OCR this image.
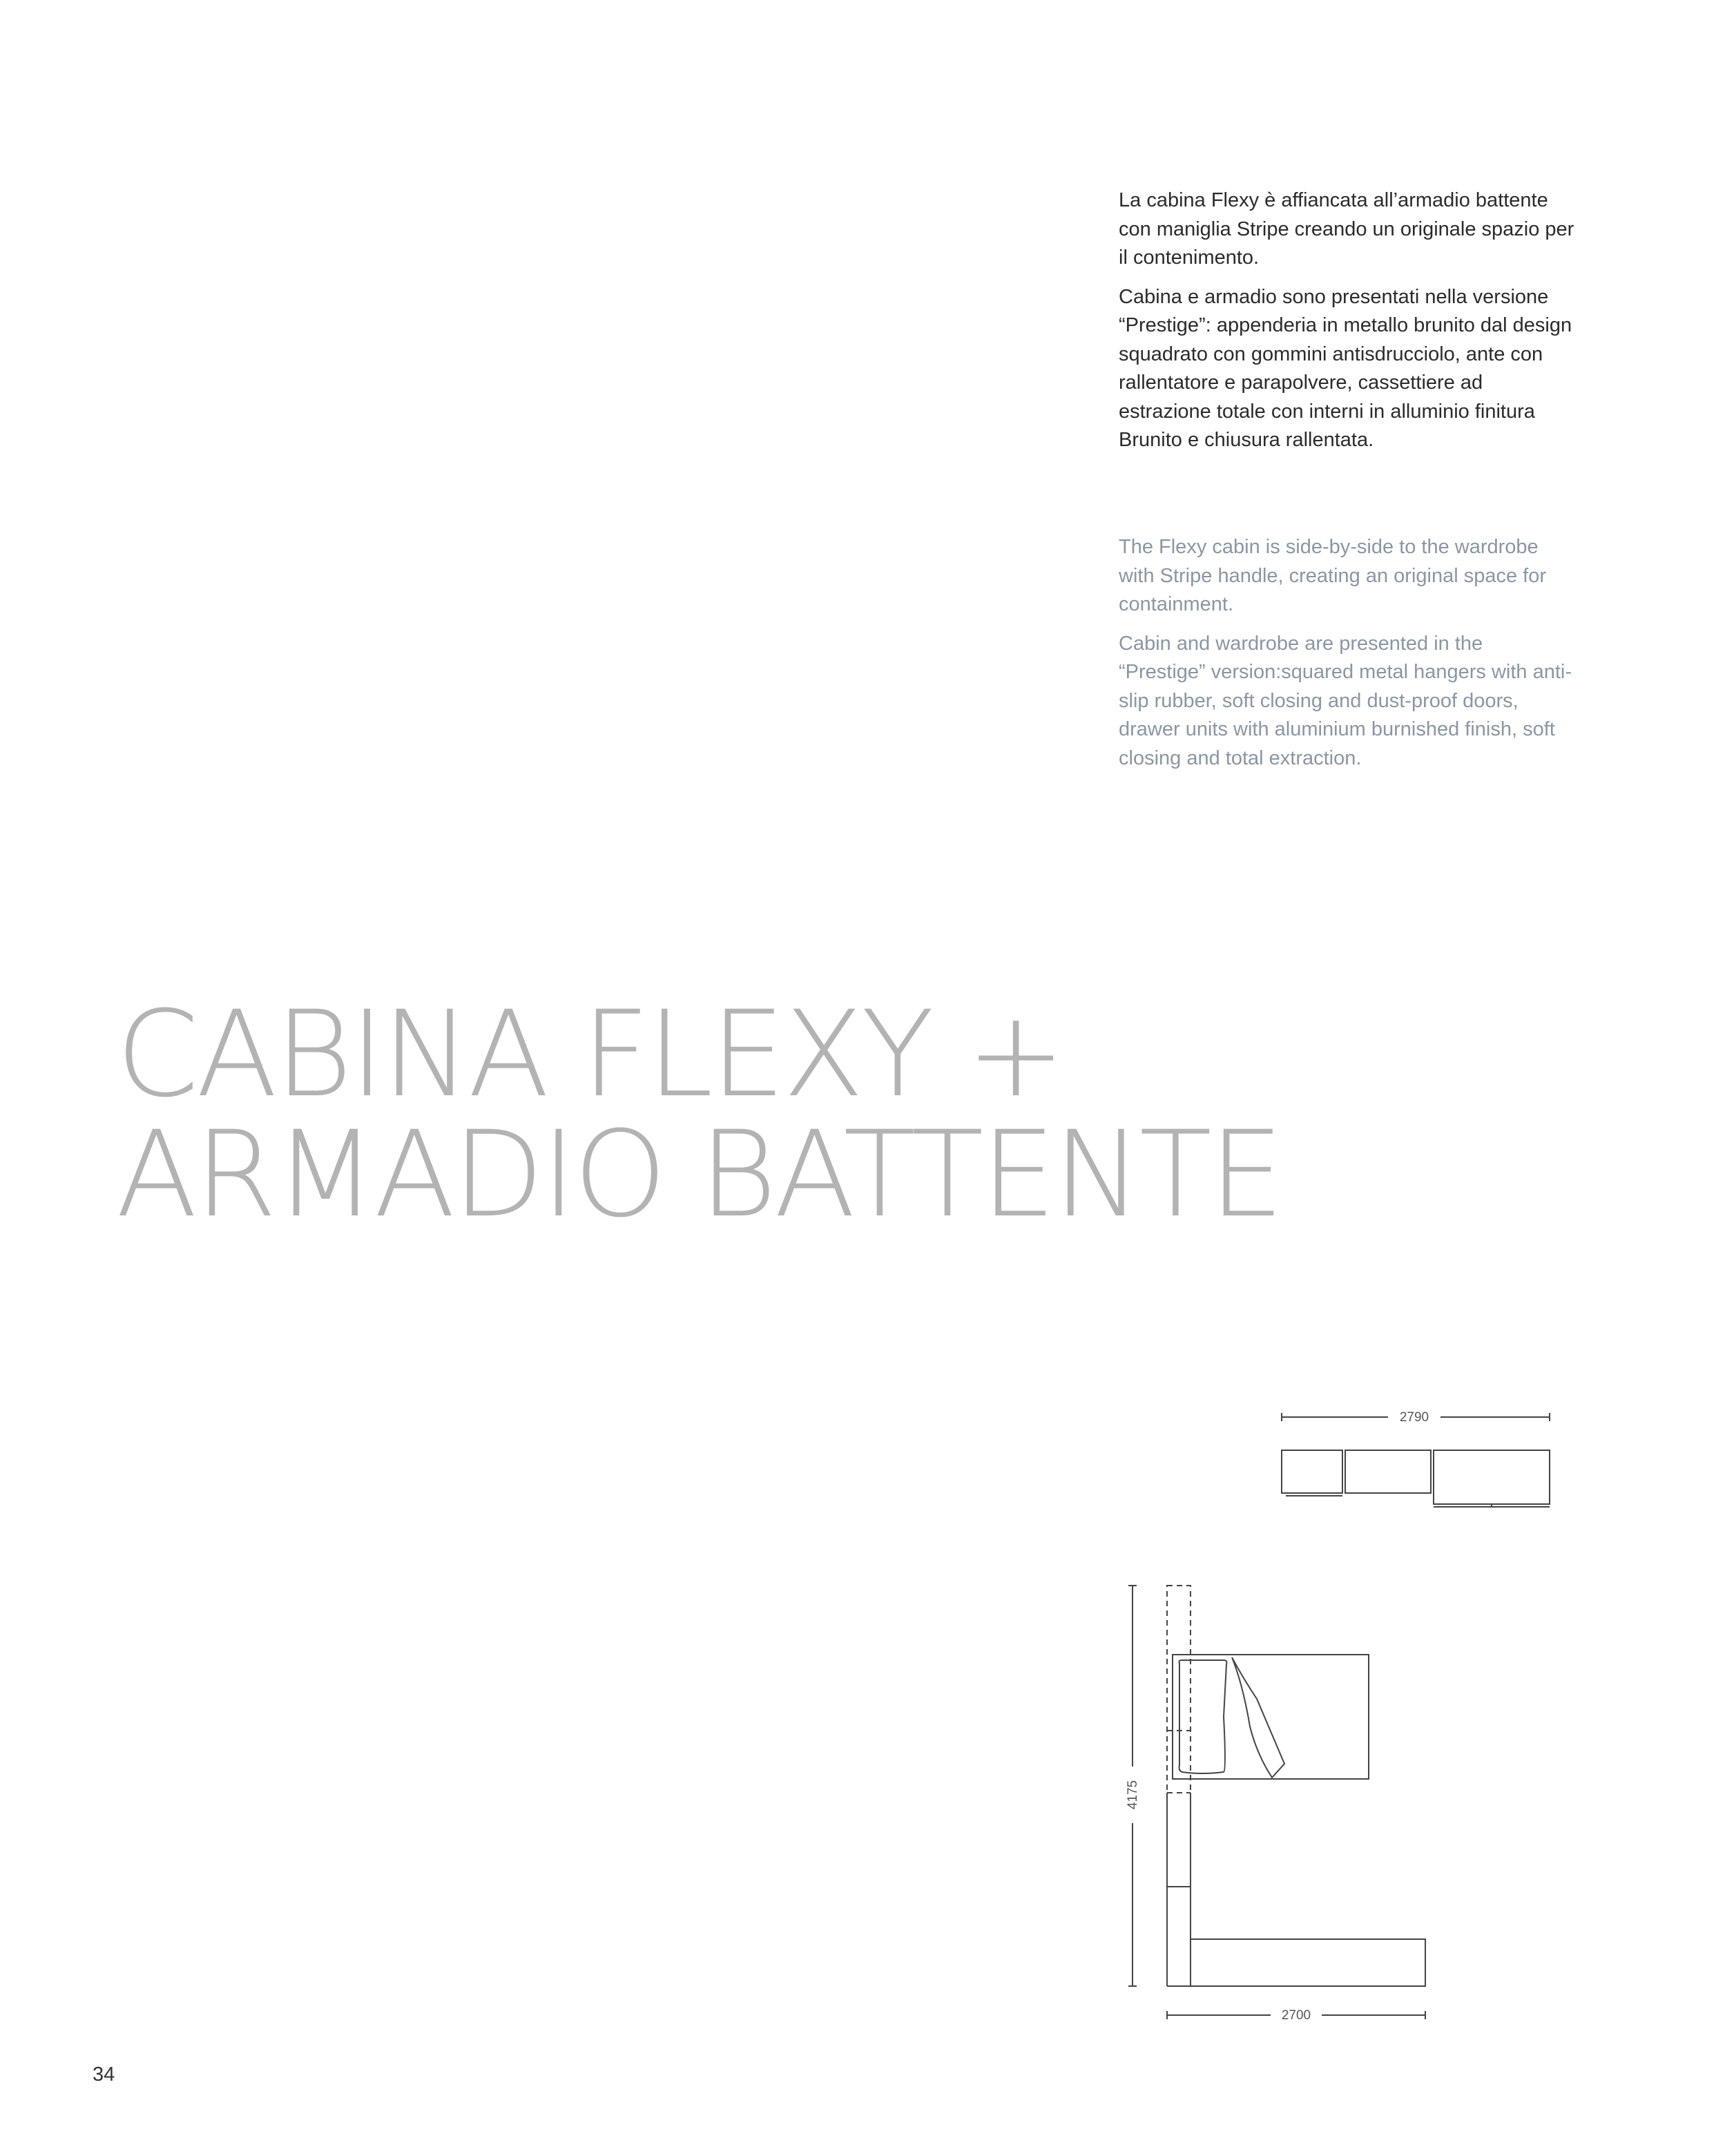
La cabina Flexy è affiancata all’armadio battente con maniglia Stripe creando un originale spazio per il contenimento.

Cabina e armadio sono presentati nella versione “Prestige”: appenderia in metallo brunito dal design squadrato con gommini antisdrucciolo, ante con rallentatore e parapolvere, cassettiere ad estrazione totale con interni in alluminio finitura Brunito e chiusura rallentata.

The Flexy cabin is side-by-side to the wardrobe with Stripe handle, creating an original space for containment.

Cabin and wardrobe are presented in the “Prestige” version:squared metal hangers with anti-slip rubber, soft closing and dust-proof doors, drawer units with aluminium burnished finish, soft closing and total extraction.

CABINA FLEXY +
ARMADIO BATTENTE
2790
4175
2700
34
